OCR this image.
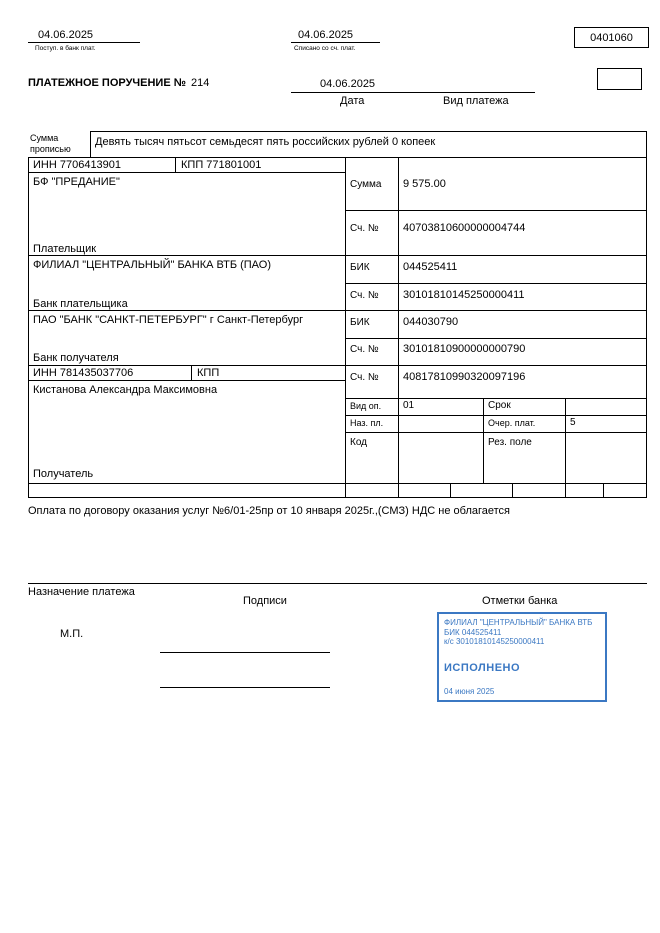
04.06.2025
Поступ. в банк плат.
04.06.2025
Списано со сч. плат.
0401060
ПЛАТЕЖНОЕ ПОРУЧЕНИЕ № 214	04.06.2025
Дата	Вид платежа
Сумма прописью
Девять тысяч пятьсот семьдесят пять российских рублей 0 копеек
ИНН 7706413901	КПП 771801001
БФ "ПРЕДАНИЕ"
Плательщик
Сумма 9 575.00
Сч. № 40703810600000004744
ФИЛИАЛ "ЦЕНТРАЛЬНЫЙ" БАНКА ВТБ (ПАО)
Банк плательщика
БИК	044525411
Сч. № 30101810145250000411
ПАО "БАНК "САНКТ-ПЕТЕРБУРГ" г Санкт-Петербург
Банк получателя
БИК	044030790
Сч. № 30101810900000000790
ИНН 781435037706	КПП
Кистанова Александра Максимовна
Получатель
Сч. № 40817810990320097196
Вид оп. 01	Срок
Наз. пл.	Очер. плат.	5
Код	Рез. поле
Оплата по договору оказания услуг №6/01-25пр от 10 января 2025г.,(СМЗ) НДС не облагается
Назначение платежа
Подписи	Отметки банка
М.П.
ФИЛИАЛ "ЦЕНТРАЛЬНЫЙ" БАНКА ВТБ
БИК 044525411
к/с 30101810145250000411
ИСПОЛНЕНО
04 июня 2025
